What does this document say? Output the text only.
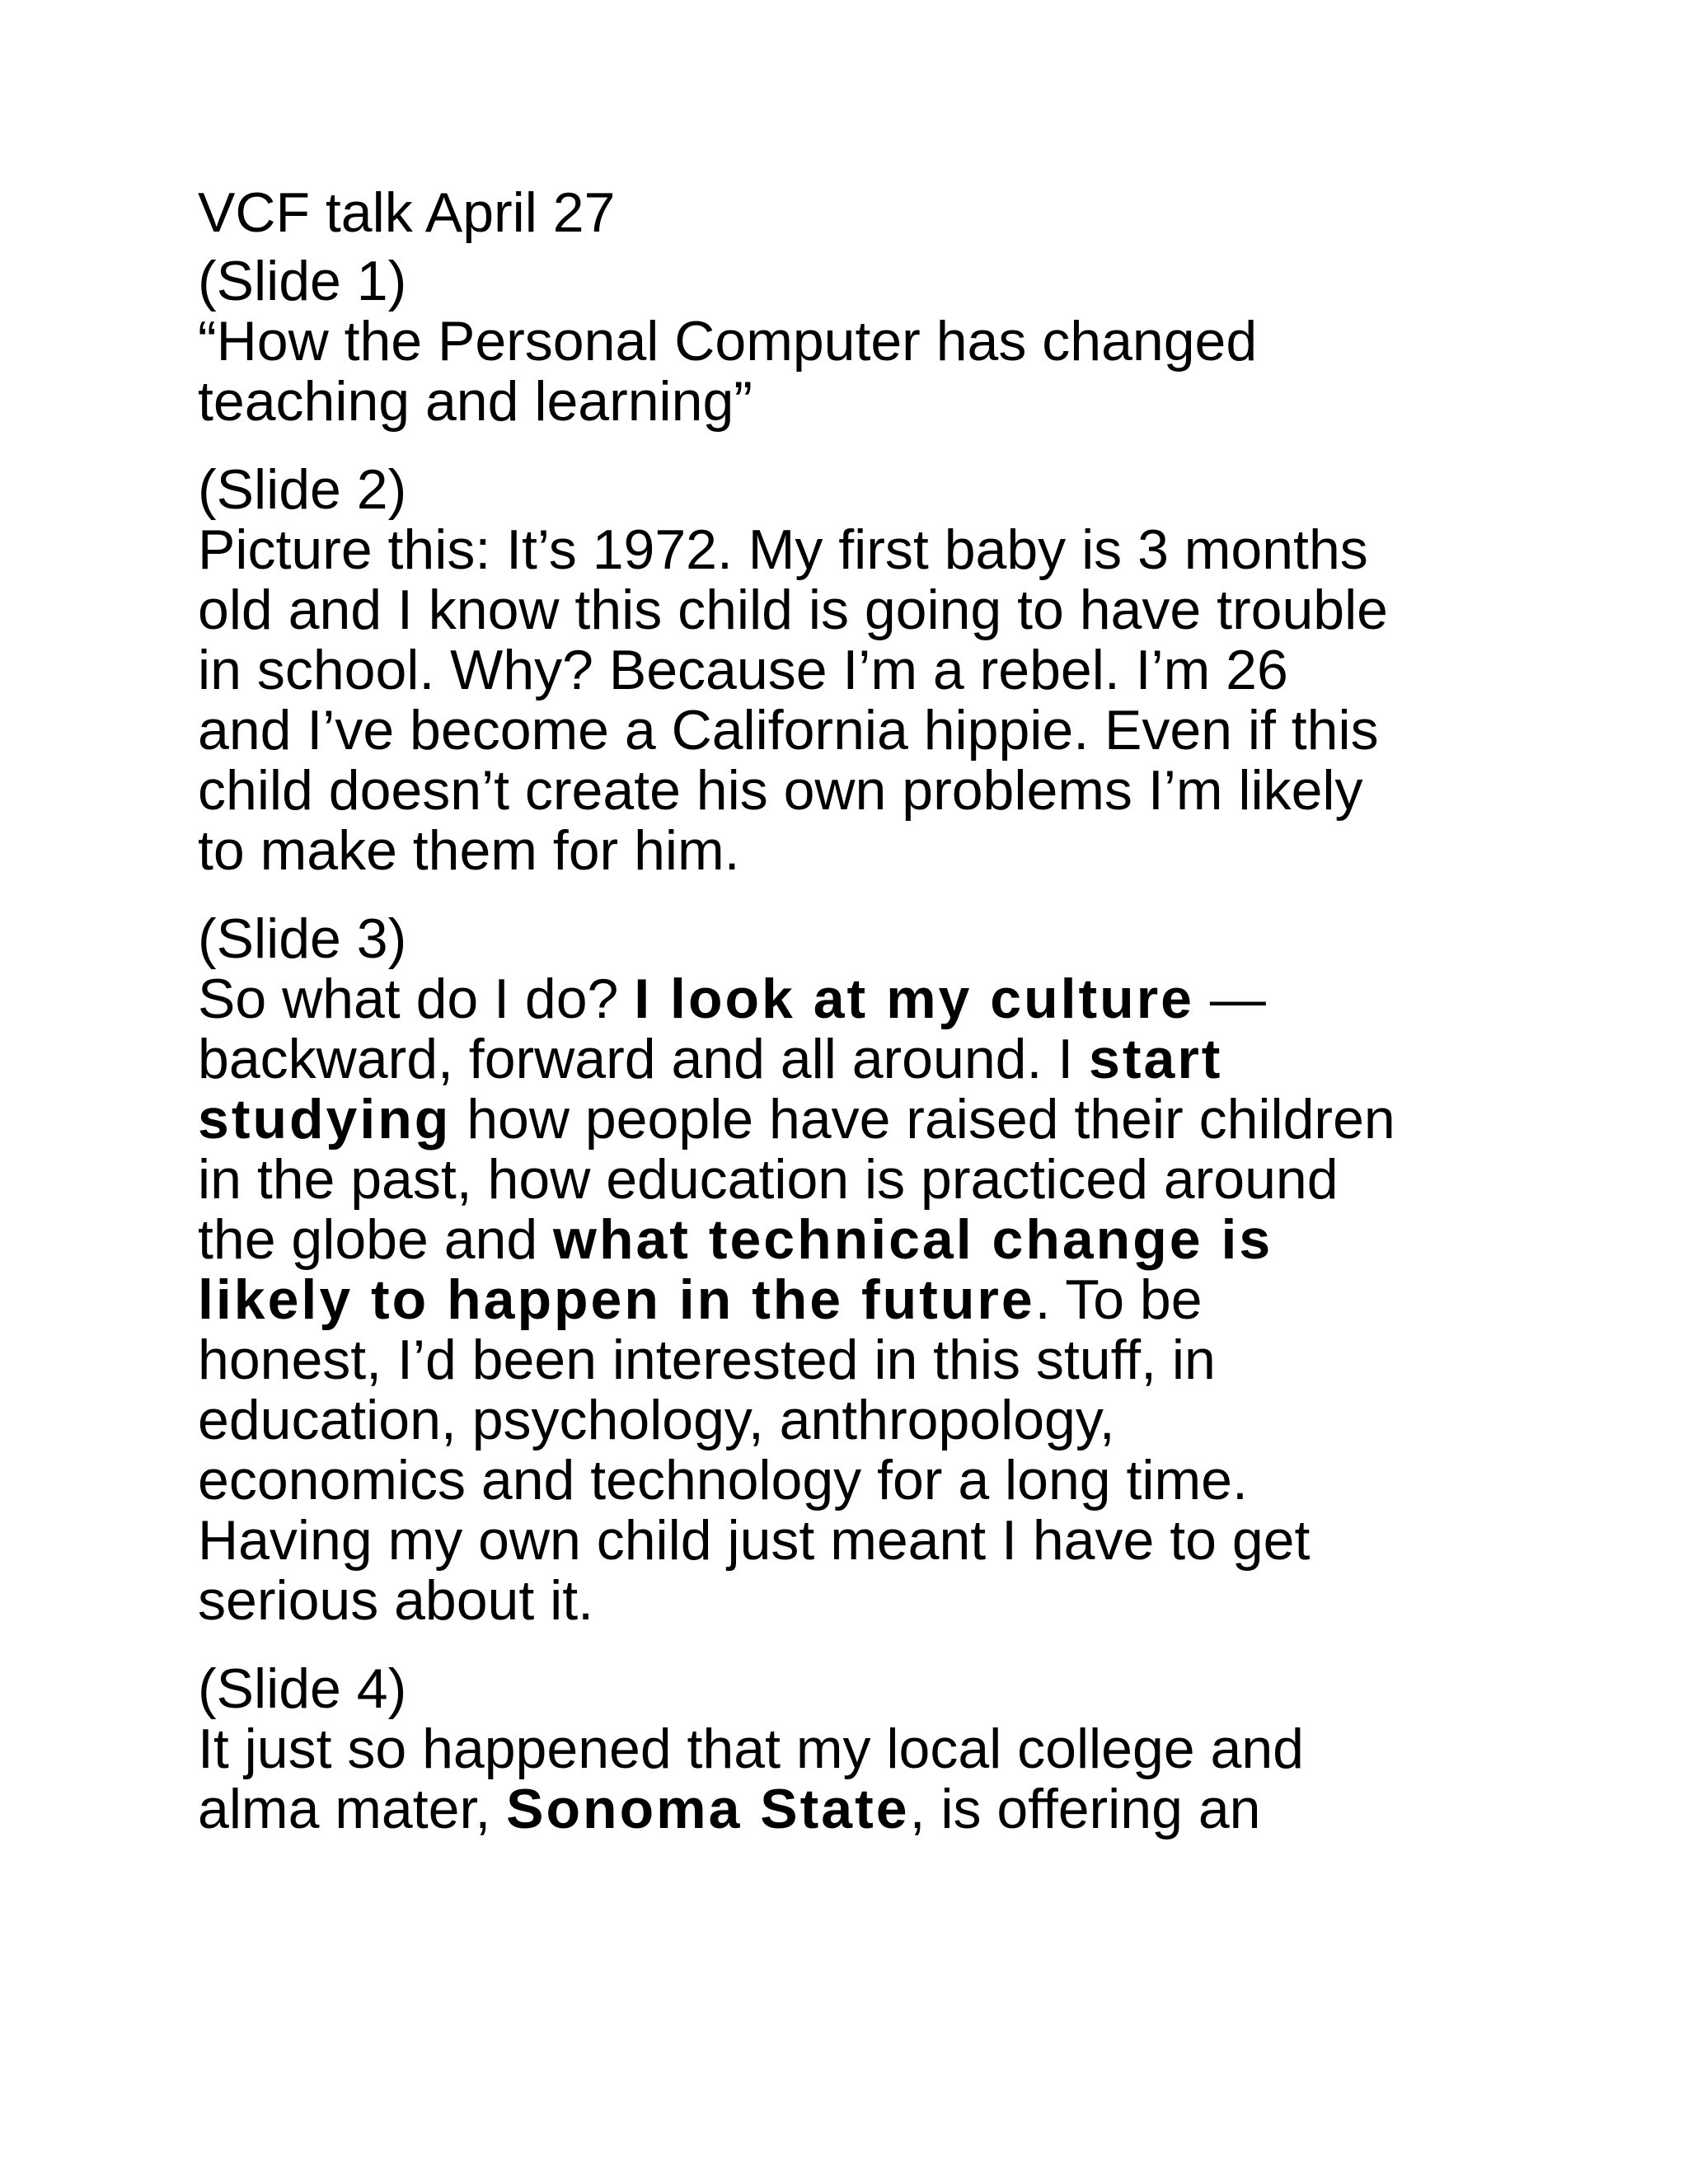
VCF talk April 27
(Slide 1)
“How the Personal Computer has changed
teaching and learning”
(Slide 2)
Picture this: It’s 1972. My first baby is 3 months
old and I know this child is going to have trouble
in school. Why? Because I’m a rebel. I’m 26
and I’ve become a California hippie. Even if this
child doesn’t create his own problems I’m likely
to make them for him.
(Slide 3)
So what do I do? I look at my culture —
backward, forward and all around. I start
studying how people have raised their children
in the past, how education is practiced around
the globe and what technical change is
likely to happen in the future. To be
honest, I’d been interested in this stuff, in
education, psychology, anthropology,
economics and technology for a long time.
Having my own child just meant I have to get
serious about it.
(Slide 4)
It just so happened that my local college and
alma mater, Sonoma State, is offering an
